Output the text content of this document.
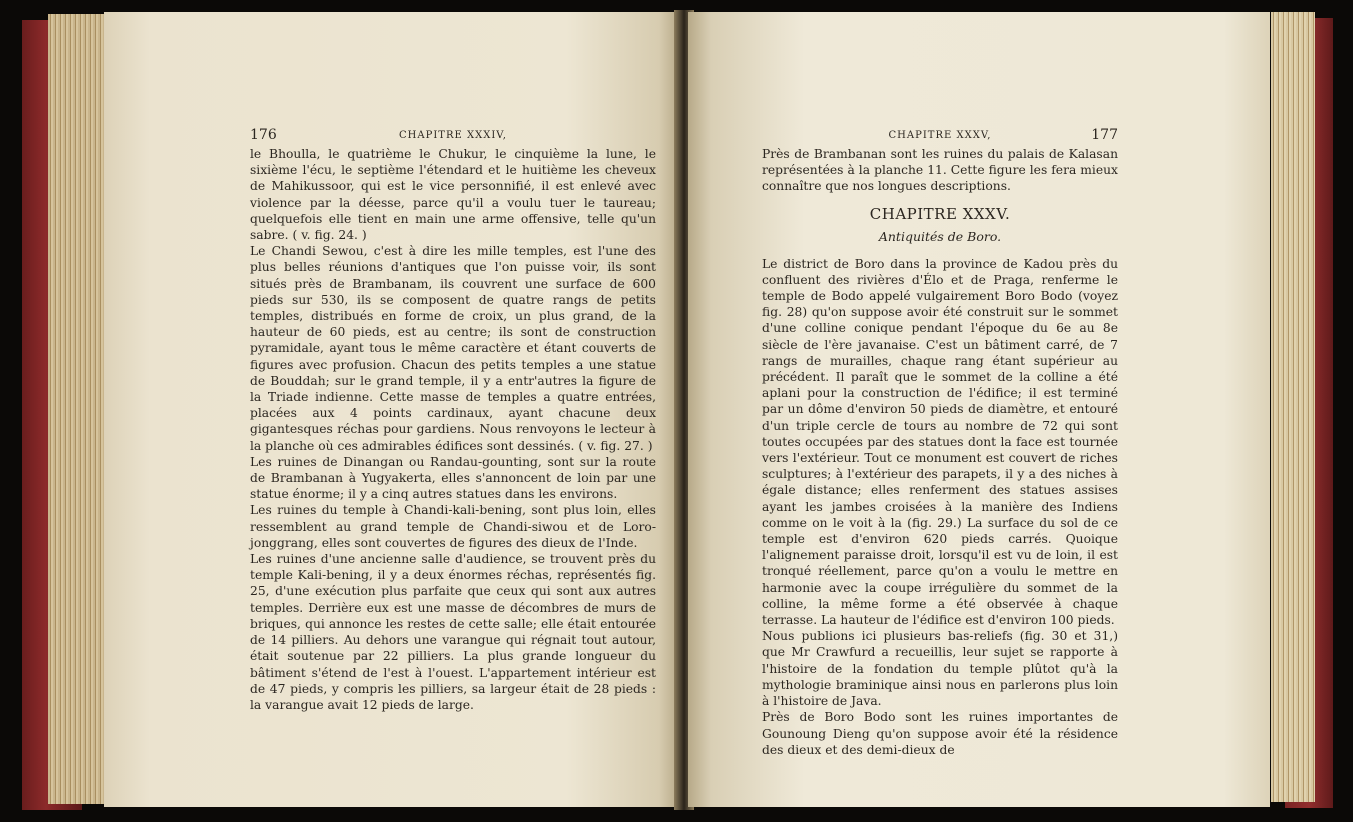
176	CHAPITRE XXXIV,

le Bhoulla, le quatrième le Chukur, le cinquième la lune, le sixième l'écu, le septième l'étendard et le huitième les cheveux de Mahikussoor, qui est le vice personnifié, il est enlevé avec violence par la déesse, parce qu'il a voulu tuer le taureau; quelquefois elle tient en main une arme offensive, telle qu'un sabre. ( v. fig. 24. )
Le Chandi Sewou, c'est à dire les mille temples, est l'une des plus belles réunions d'antiques que l'on puisse voir, ils sont situés près de Brambanam, ils couvrent une surface de 600 pieds sur 530, ils se composent de quatre rangs de petits temples, distribués en forme de croix, un plus grand, de la hauteur de 60 pieds, est au centre; ils sont de construction pyramidale, ayant tous le même caractère et étant couverts de figures avec profusion. Chacun des petits temples a une statue de Bouddah; sur le grand temple, il y a entr'autres la figure de la Triade indienne. Cette masse de temples a quatre entrées, placées aux 4 points cardinaux, ayant chacune deux gigantesques réchas pour gardiens. Nous renvoyons le lecteur à la planche où ces admirables édifices sont dessinés. ( v. fig. 27. )
Les ruines de Dinangan ou Randau-gounting, sont sur la route de Brambanan à Yugyakerta, elles s'annoncent de loin par une statue énorme; il y a cinq autres statues dans les environs.
Les ruines du temple à Chandi-kali-bening, sont plus loin, elles ressemblent au grand temple de Chandi-siwou et de Loro-jonggrang, elles sont couvertes de figures des dieux de l'Inde.
Les ruines d'une ancienne salle d'audience, se trouvent près du temple Kali-bening, il y a deux énormes réchas, représentés fig. 25, d'une exécution plus parfaite que ceux qui sont aux autres temples. Derrière eux est une masse de décombres de murs de briques, qui annonce les restes de cette salle; elle était entourée de 14 pilliers. Au dehors une varangue qui régnait tout autour, était soutenue par 22 pilliers. La plus grande longueur du bâtiment s'étend de l'est à l'ouest. L'appartement intérieur est de 47 pieds, y compris les pilliers, sa largeur était de 28 pieds : la varangue avait 12 pieds de large.

CHAPITRE XXXV,	177

Près de Brambanan sont les ruines du palais de Kalasan représentées à la planche 11. Cette figure les fera mieux connaître que nos longues descriptions.

CHAPITRE XXXV.
Antiquités de Boro.

Le district de Boro dans la province de Kadou près du confluent des rivières d'Élo et de Praga, renferme le temple de Bodo appelé vulgairement Boro Bodo (voyez fig. 28) qu'on suppose avoir été construit sur le sommet d'une colline conique pendant l'époque du 6e au 8e siècle de l'ère javanaise. C'est un bâtiment carré, de 7 rangs de murailles, chaque rang étant supérieur au précédent. Il paraît que le sommet de la colline a été aplani pour la construction de l'édifice; il est terminé par un dôme d'environ 50 pieds de diamètre, et entouré d'un triple cercle de tours au nombre de 72 qui sont toutes occupées par des statues dont la face est tournée vers l'extérieur. Tout ce monument est couvert de riches sculptures; à l'extérieur des parapets, il y a des niches à égale distance; elles renferment des statues assises ayant les jambes croisées à la manière des Indiens comme on le voit à la (fig. 29.) La surface du sol de ce temple est d'environ 620 pieds carrés. Quoique l'alignement paraisse droit, lorsqu'il est vu de loin, il est tronqué réellement, parce qu'on a voulu le mettre en harmonie avec la coupe irrégulière du sommet de la colline, la même forme a été observée à chaque terrasse. La hauteur de l'édifice est d'environ 100 pieds.
Nous publions ici plusieurs bas-reliefs (fig. 30 et 31,) que Mr Crawfurd a recueillis, leur sujet se rapporte à l'histoire de la fondation du temple plûtot qu'à la mythologie braminique ainsi nous en parlerons plus loin à l'histoire de Java.
Près de Boro Bodo sont les ruines importantes de Gounoung Dieng qu'on suppose avoir été la résidence des dieux et des demi-dieux de
